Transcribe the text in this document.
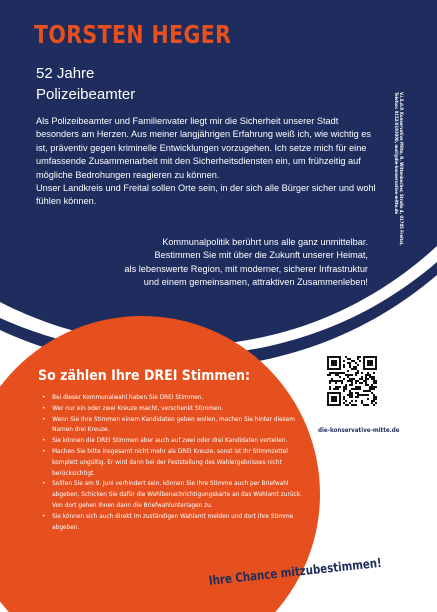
TORSTEN HEGER
52 Jahre
Polizeibeamter

Als Polizeibeamter und Familienvater liegt mir die Sicherheit unserer Stadt besonders am Herzen. Aus meiner langjährigen Erfahrung weiß ich, wie wichtig es ist, präventiv gegen kriminelle Entwicklungen vorzugehen. Ich setze mich für eine umfassende Zusammenarbeit mit den Sicherheitsdiensten ein, um frühzeitig auf mögliche Bedrohungen reagieren zu können.

Unser Landkreis und Freital sollen Orte sein, in der sich alle Bürger sicher und wohl fühlen können.

Kommunalpolitik berührt uns alle ganz unmittelbar.
Bestimmen Sie mit über die Zukunft unserer Heimat,
als lebenswerte Region, mit moderner, sicherer Infrastruktur
und einem gemeinsamen, attraktiven Zusammenleben!
V.i.S.d.P. Konservative Mitte, R. Wittenbecher, Straße 4, 01705 Freital, Telefon: 0152/0193000, mail@die-konservative-mitte.de
So zählen Ihre DREI Stimmen:
• Bei dieser Kommunalwahl haben Sie DREI Stimmen.
• Wer nur ein oder zwei Kreuze macht, verschenkt Stimmen.
• Wenn Sie Ihre Stimmen einem Kandidaten geben wollen, machen Sie hinter diesem Namen drei Kreuze.
• Sie können die DREI Stimmen aber auch auf zwei oder drei Kandidaten verteilen.
• Machen Sie bitte insgesamt nicht mehr als DREI Kreuze, sonst ist Ihr Stimmzettel komplett ungültig. Er wird dann bei der Feststellung des Wahlergebnisses nicht berücksichtigt.
• Sollten Sie am 9. Juni verhindert sein, können Sie Ihre Stimme auch per Briefwahl abgeben. Schicken Sie dafür die Wahlbenachrichtigungskarte an das Wahlamt zurück. Von dort gehen Ihnen dann die Briefwahlunterlagen zu.
• Sie können sich auch direkt im zuständigen Wahlamt melden und dort Ihre Stimme abgeben.
die-konservative-mitte.de
Ihre Chance mitzubestimmen!
